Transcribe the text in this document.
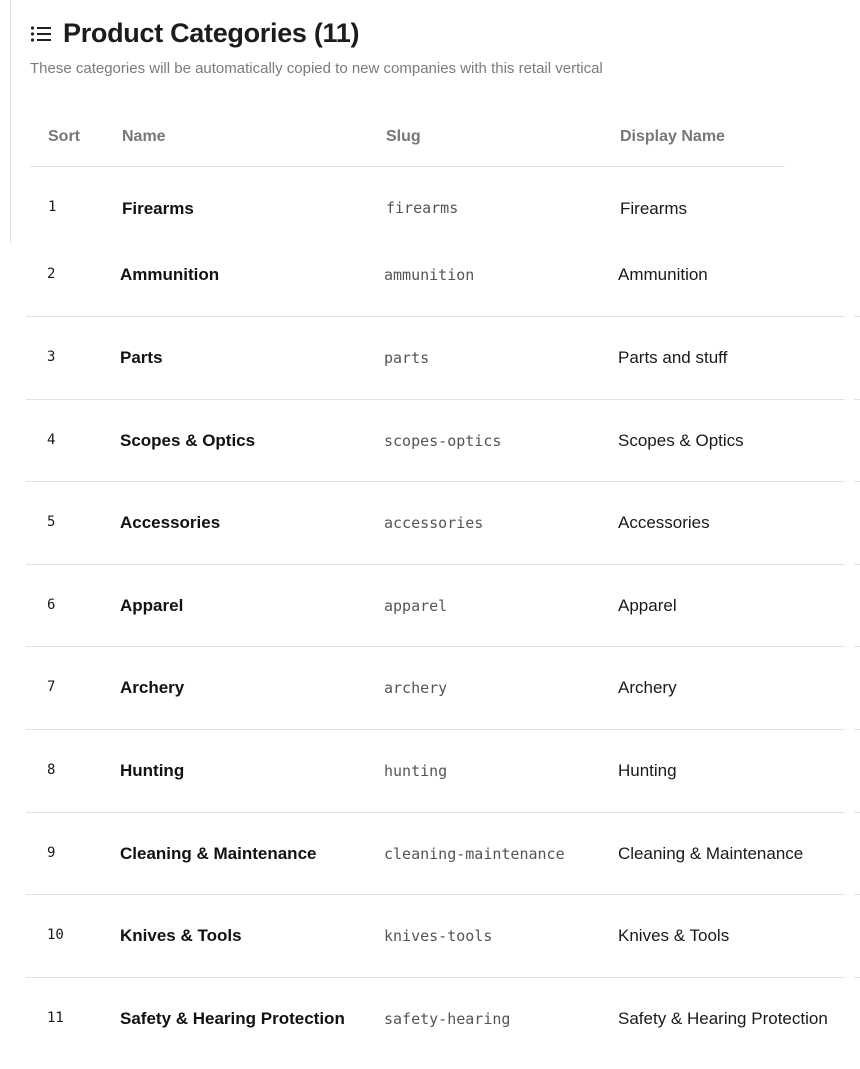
Product Categories (11)
These categories will be automatically copied to new companies with this retail vertical
Sort	Name	Slug	Display Name
1	Firearms	firearms	Firearms
2	Ammunition	ammunition	Ammunition
3	Parts	parts	Parts and stuff
4	Scopes & Optics	scopes-optics	Scopes & Optics
5	Accessories	accessories	Accessories
6	Apparel	apparel	Apparel
7	Archery	archery	Archery
8	Hunting	hunting	Hunting
9	Cleaning & Maintenance	cleaning-maintenance	Cleaning & Maintenance
10	Knives & Tools	knives-tools	Knives & Tools
11	Safety & Hearing Protection	safety-hearing	Safety & Hearing Protection
